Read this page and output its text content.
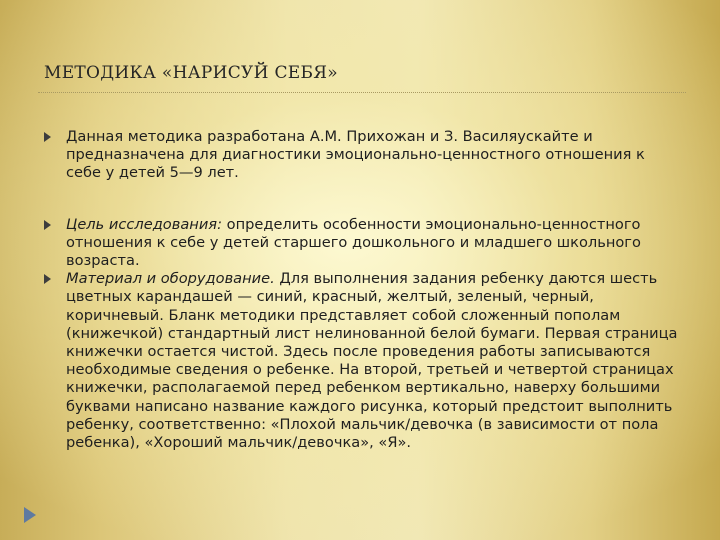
МЕТОДИКА «НАРИСУЙ СЕБЯ»
Данная методика разработана А.М. Прихожан и З. Василяускайте и предназначена для диагностики эмоционально-ценностного отношения к себе у детей 5—9 лет.
Цель исследования: определить особенности эмоционально-ценностного отношения к себе у детей старшего дошкольного и младшего школьного возраста.
Материал и оборудование. Для выполнения задания ребенку даются шесть цветных карандашей — синий, красный, желтый, зеленый, черный, коричневый. Бланк методики представляет собой сложенный пополам (книжечкой) стандартный лист нелинованной белой бумаги. Первая страница книжечки остается чистой. Здесь после проведения работы записываются необходимые сведения о ребенке. На второй, третьей и четвертой страницах книжечки, располагаемой перед ребенком вертикально, наверху большими буквами написано название каждого рисунка, который предстоит выполнить ребенку, соответственно: «Плохой мальчик/девочка (в зависимости от пола ребенка), «Хороший мальчик/девочка», «Я».
